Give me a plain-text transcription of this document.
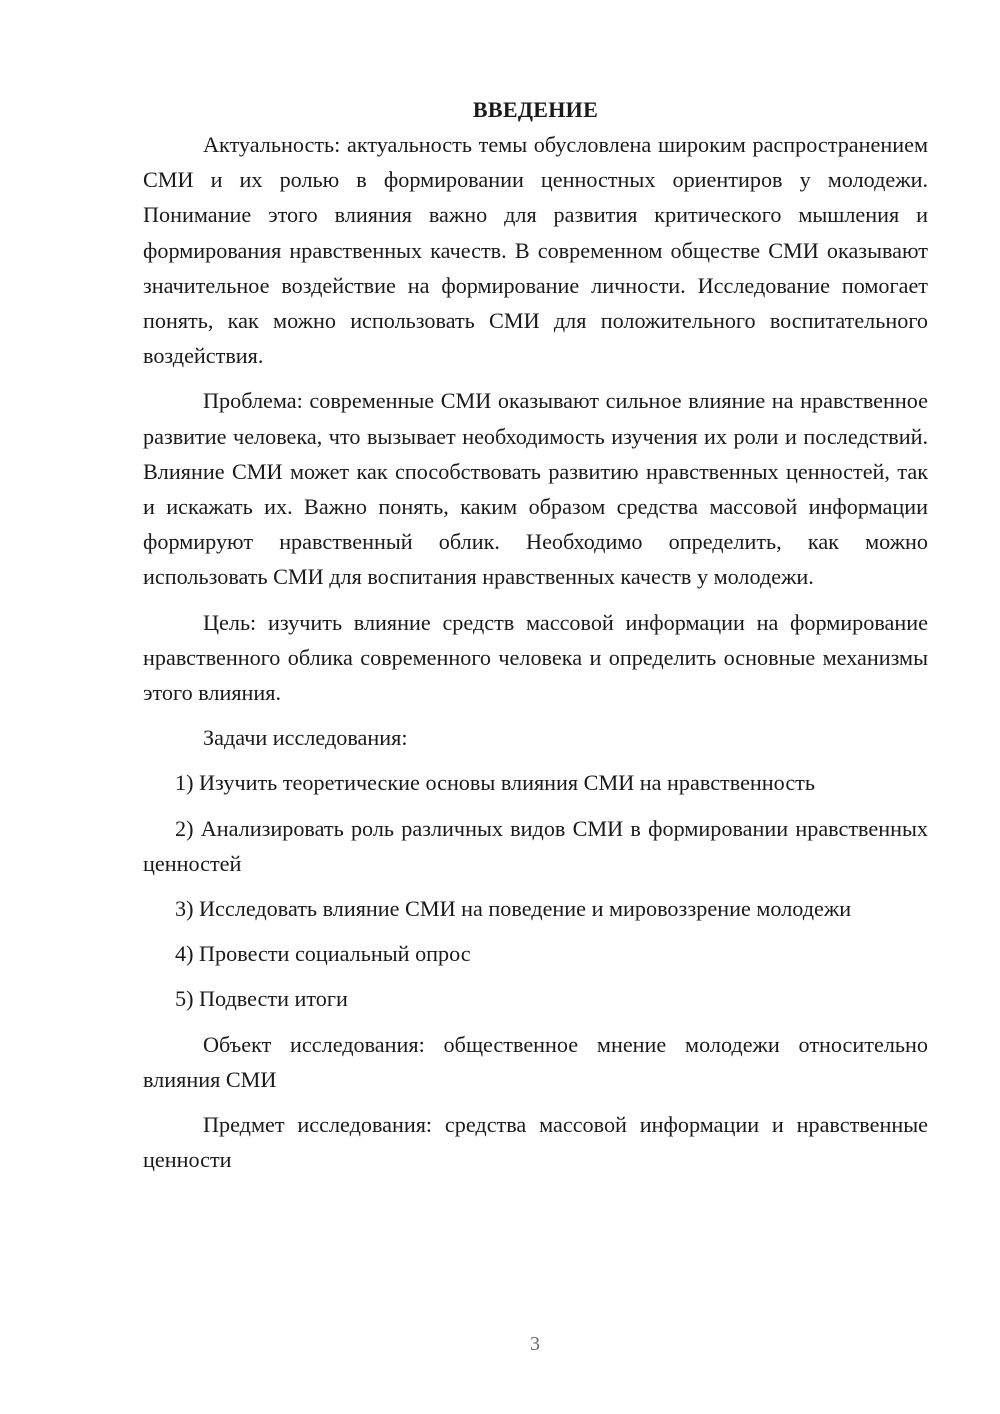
ВВЕДЕНИЕ

Актуальность: актуальность темы обусловлена широким распространением СМИ и их ролью в формировании ценностных ориентиров у молодежи. Понимание этого влияния важно для развития критического мышления и формирования нравственных качеств. В современном обществе СМИ оказывают значительное воздействие на формирование личности. Исследование помогает понять, как можно использовать СМИ для положительного воспитательного воздействия.

Проблема: современные СМИ оказывают сильное влияние на нравственное развитие человека, что вызывает необходимость изучения их роли и последствий. Влияние СМИ может как способствовать развитию нравственных ценностей, так и искажать их. Важно понять, каким образом средства массовой информации формируют нравственный облик. Необходимо определить, как можно использовать СМИ для воспитания нравственных качеств у молодежи.

Цель: изучить влияние средств массовой информации на формирование нравственного облика современного человека и определить основные механизмы этого влияния.

Задачи исследования:

1) Изучить теоретические основы влияния СМИ на нравственность

2) Анализировать роль различных видов СМИ в формировании нравственных ценностей

3) Исследовать влияние СМИ на поведение и мировоззрение молодежи

4) Провести социальный опрос

5) Подвести итоги

Объект исследования: общественное мнение молодежи относительно влияния СМИ

Предмет исследования: средства массовой информации и нравственные ценности

3
